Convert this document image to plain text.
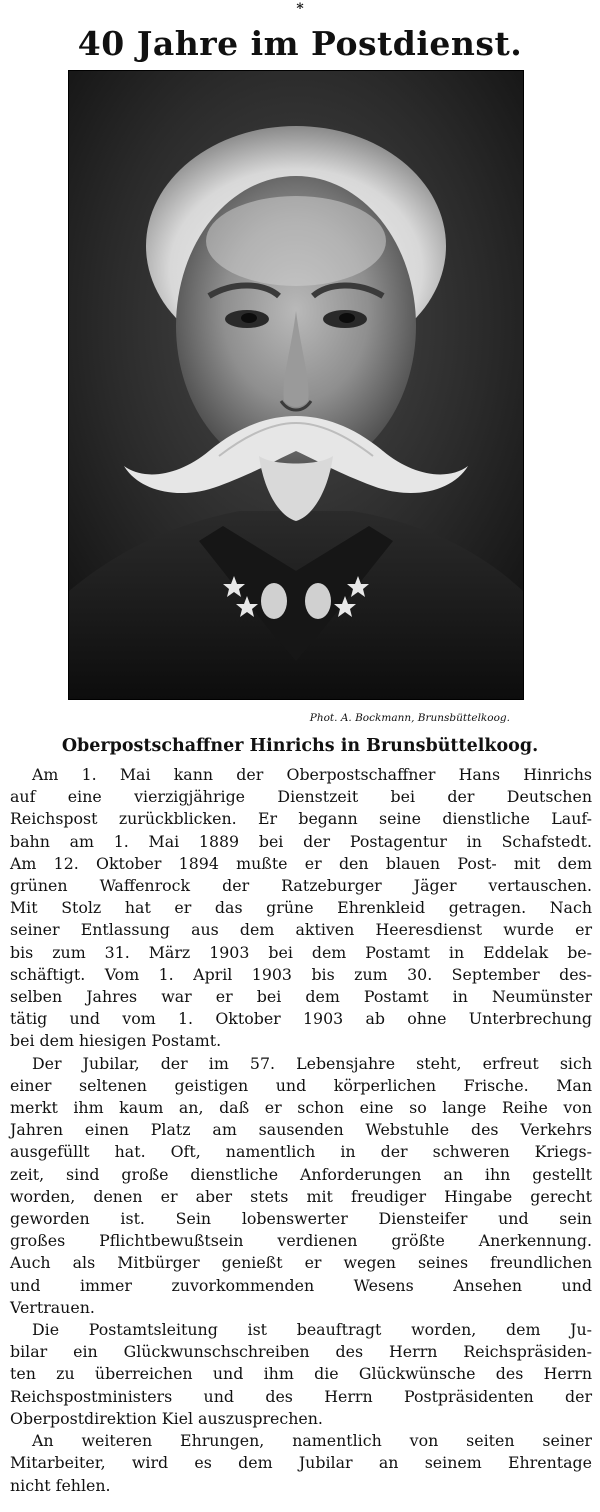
*
40 Jahre im Postdienst.
Phot. A. Bockmann, Brunsbüttelkoog.
Oberpostschaffner Hinrichs in Brunsbüttelkoog.
Am 1. Mai kann der Oberpostschaffner Hans Hinrichs
auf eine vierzigjährige Dienstzeit bei der Deutschen
Reichspost zurückblicken. Er begann seine dienstliche Lauf-
bahn am 1. Mai 1889 bei der Postagentur in Schafstedt.
Am 12. Oktober 1894 mußte er den blauen Post- mit dem
grünen Waffenrock der Ratzeburger Jäger vertauschen.
Mit Stolz hat er das grüne Ehrenkleid getragen. Nach
seiner Entlassung aus dem aktiven Heeresdienst wurde er
bis zum 31. März 1903 bei dem Postamt in Eddelak be-
schäftigt. Vom 1. April 1903 bis zum 30. September des-
selben Jahres war er bei dem Postamt in Neumünster
tätig und vom 1. Oktober 1903 ab ohne Unterbrechung
bei dem hiesigen Postamt.
Der Jubilar, der im 57. Lebensjahre steht, erfreut sich
einer seltenen geistigen und körperlichen Frische. Man
merkt ihm kaum an, daß er schon eine so lange Reihe von
Jahren einen Platz am sausenden Webstuhle des Verkehrs
ausgefüllt hat. Oft, namentlich in der schweren Kriegs-
zeit, sind große dienstliche Anforderungen an ihn gestellt
worden, denen er aber stets mit freudiger Hingabe gerecht
geworden ist. Sein lobenswerter Diensteifer und sein
großes Pflichtbewußtsein verdienen größte Anerkennung.
Auch als Mitbürger genießt er wegen seines freundlichen
und immer zuvorkommenden Wesens Ansehen und
Vertrauen.
Die Postamtsleitung ist beauftragt worden, dem Ju-
bilar ein Glückwunschschreiben des Herrn Reichspräsiden-
ten zu überreichen und ihm die Glückwünsche des Herrn
Reichspostministers und des Herrn Postpräsidenten der
Oberpostdirektion Kiel auszusprechen.
An weiteren Ehrungen, namentlich von seiten seiner
Mitarbeiter, wird es dem Jubilar an seinem Ehrentage
nicht fehlen.
